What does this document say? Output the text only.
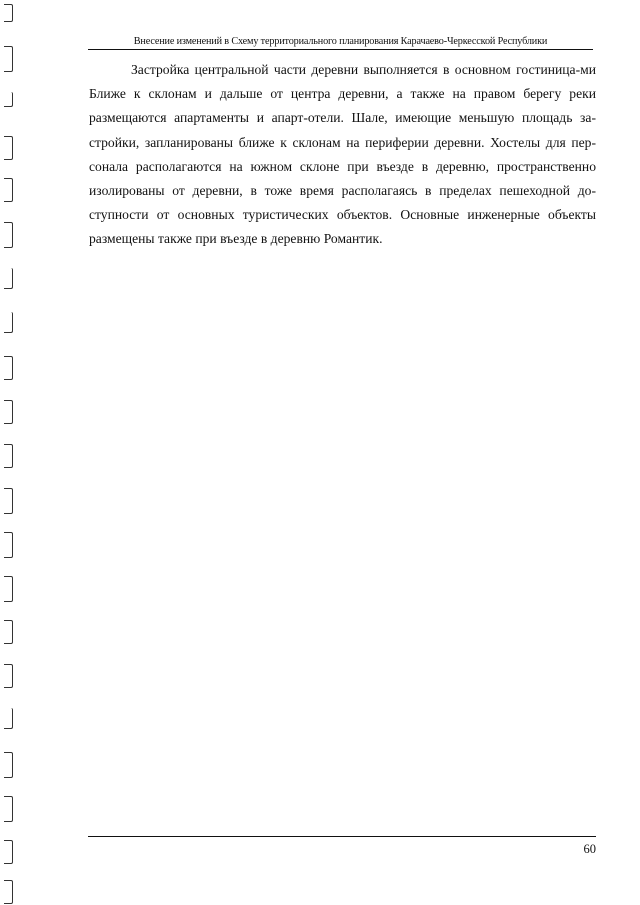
Внесение изменений в Схему территориального планирования Карачаево-Черкесской Республики

Застройка центральной части деревни выполняется в основном гостиница-ми Ближе к склонам и дальше от центра деревни, а также на правом берегу реки размещаются апартаменты и апарт-отели. Шале, имеющие меньшую площадь за-стройки, запланированы ближе к склонам на периферии деревни. Хостелы для пер-сонала располагаются на южном склоне при въезде в деревню, пространственно изолированы от деревни, в тоже время располагаясь в пределах пешеходной до-ступности от основных туристических объектов. Основные инженерные объекты размещены также при въезде в деревню Романтик.

60
